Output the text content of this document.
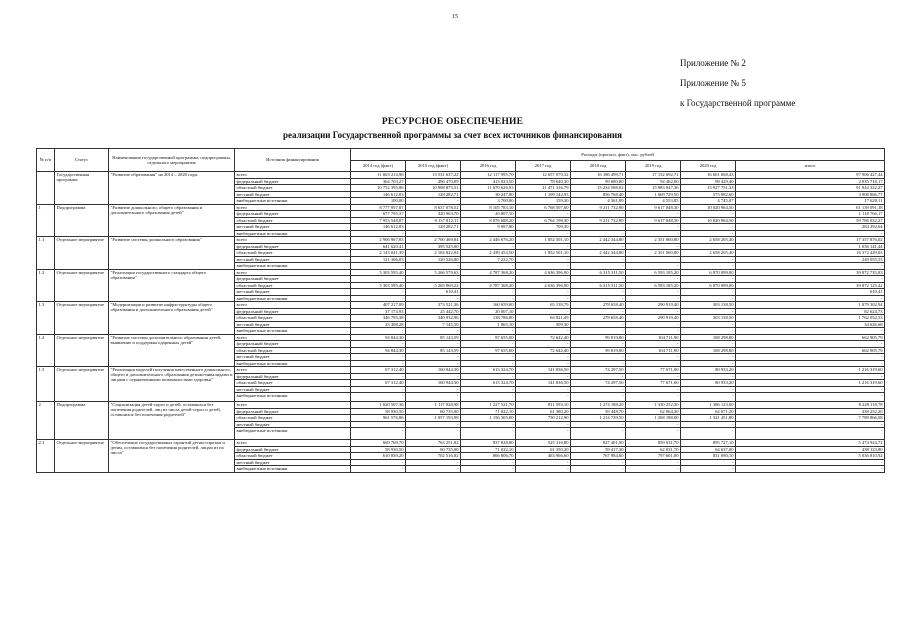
15
Приложение № 2
Приложение № 5
к Государственной программе
РЕСУРСНОЕ ОБЕСПЕЧЕНИЕ
реализации Государственной программы за счет всех источников финансирования
№ п/п	Статус	Наименование государственной программы, подпрограммы, отдельного мероприятия	Источник финансирования	Расходы (прогноз, факт), тыс. рублей							
				2014 год (факт)	2015 год (факт)	2016 год	2017 год	2018 год	2019 год	2020 год	итого
	Государственная программа	"Развитие образования" на 2014 – 2020 годы	всего	11 663 214,96	13 531 637,22	12 117 995,70	12 657 079,32	16 186 499,71	17 152 692,71	16 601 068,43	97 906 427,44
			федеральный бюджет	364 703,27	496 470,09	413 023,50	78 640,30	99 680,80	94 462,00	98 429,40	2 035 718,17
			областной бюджет	10 752 395,96	10 908 875,51	11 670 626,93	11 471 316,79	15 234 588,02	15 983 947,36	15 927 751,33	91 944 322,27
			местный бюджет	146 612,83	128 282,71	30 247,80	1 109 142,93	856 768,40	1 069 729,50	575 082,60	3 908 866,77
			внебюджетные источники	100,00	-	3 700,00	159,30	4 361,89	4 553,85	4 745,07	17 620,11
1	Подпрограмма	"Развитие дошкольного, общего образования и дополнительного образования детей"	всего	8 777 957,07	8 637 078,52	8 105 783,10	6 768 507,60	9 211 732,90	9 617 048,30	10 020 964,50	61 139 091,18
			федеральный бюджет	677 795,37	420 963,70	20 007,10	-	-	-	-	1 118 766,17
			областной бюджет	7 953 548,87	8 137 812,11	8 076 688,20	6 764 198,30	9 211 732,90	9 617 048,30	10 020 964,50	59 786 032,27
			местный бюджет	146 612,83	128 282,71	9 087,80	709,30	-	-	-	284 292,64
			внебюджетные источники	-	-	-	-	-	-	-	-
1.1	Отдельное мероприятие	"Развитие системы дошкольного образования"	всего	2 906 967,83	2 700 469,84	2 446 676,20	1 852 501,10	2 442 344,80	2 351 060,80	2 658 205,40	17 357 876,02
			федеральный бюджет	641 620,41	395 525,00	-	-	-	-	-	1 056 141,44
			областной бюджет	2 143 041,39	2 184 822,04	2 439 453,50	1 852 501,10	2 442 344,80	2 351 060,80	2 658 205,40	16 372 429,03
			местный бюджет	121 306,03	120 526,80	7 222,70	-	-	-	-	249 055,53
			внебюджетные источники	-	-	-	-	-	-	-	-
1.2	Отдельное мероприятие	"Реализация государственного стандарта общего образования"	всего	5 303 595,40	5 266 579,63	4 787 368,20	4 636 396,90	6 315 311,50	6 593 185,20	6 870 099,00	39 872 735,83
			федеральный бюджет	-	-	-	-	-	-	-	-
			областной бюджет	5 303 595,40	5 265 969,22	4 787 368,20	4 636 396,90	6 315 311,50	6 593 185,20	6 870 099,00	39 872 125,42
			местный бюджет	-	610,41	-	-	-	-	-	610,41
			внебюджетные источники	-	-	-	-	-	-	-	-
1.3	Отдельное мероприятие	"Модернизация и развитие инфраструктуры общего образования и дополнительного образования детей"	всего	407 217,09	373 521,36	160 659,00	65 139,79	278 658,40	290 919,40	303 138,50	1 879 302,94
			федеральный бюджет	37 174,93	25 442,70	20 007,10	-	-	-	-	82 624,73
			областной бюджет	346 795,38	340 932,96	138 786,80	64 821,49	278 658,40	290 919,40	303 138,50	1 762 052,53
			местный бюджет	23 308,28	7 145,50	1 865,10	509,30	-	-	-	34 626,68
			внебюджетные источники	-	-	-	-	-	-	-	-
1.4	Отдельное мероприятие	"Развитие системы дополнительного образования детей, выявление и поддержка одаренных детей"	всего	94 844,30	85 143,59	97 655,00	72 642,40	99 819,80	104 711,90	108 298,80	662 905,79
			федеральный бюджет	-	-	-	-	-	-	-	-
			областной бюджет	94 844,30	85 143,59	97 655,00	72 642,40	99 819,80	104 711,90	108 298,80	662 905,79
			местный бюджет	-	-	-	-	-	-	-	-
			внебюджетные источники	-	-	-	-	-	-	-	-
1.5	Отдельное мероприятие	"Реализация моделей получения качественного дошкольного, общего и дополнительного образования детьми-инвалидами и лицами с ограниченными возможностями здоровья"	всего	67 312,40	160 944,30	613 324,70	141 836,50	74 297,50	77 671,00	80 933,20	1 216 319,60
			федеральный бюджет	-	-	-	-	-	-	-	-
			областной бюджет	67 312,40	160 944,30	613 324,70	141 836,50	74 297,50	77 671,00	80 933,20	1 216 319,60
			местный бюджет	-	-	-	-	-	-	-	-
			внебюджетные источники	-	-	-	-	-	-	-	-
2	Подпрограмма	"Социализация детей-сирот и детей, оставшихся без попечения родителей, лиц из числа детей-сирот и детей, оставшихся без попечения родителей"	всего	1 020 507,36	1 117 928,98	1 227 521,70	811 593,10	1 274 188,20	1 330 252,30	1 386 123,00	8 228 118,78
			федеральный бюджет	58 930,50	60 735,00	71 022,10	61 380,20	59 448,70	62 064,30	64 671,20	438 252,20
			областной бюджет	961 576,86	1 057 193,98	1 156 305,00	750 212,90	1 214 739,50	1 268 188,00	1 321 451,80	7 789 866,58
			местный бюджет	-	-	-	-	-	-	-	-
			внебюджетные источники	-	-	-	-	-	-	-	-
2.1	Отдельное мероприятие	"Обеспечение государственных гарантий детям-сиротам и детям, оставшимся без попечения родителей, лицам из их числа"	всего	669 769,70	763 251,82	937 828,80	525 316,80	827 401,90	859 631,70	895 727,10	5 474 924,72
			федеральный бюджет	58 930,50	60 735,00	71 022,10	61 350,20	59 417,30	62 031,70	64 637,00	438 123,80
			областной бюджет	610 839,20	702 516,82	866 806,70	463 966,60	767 984,60	797 601,00	831 090,10	5 036 810,92
			местный бюджет	-	-	-	-	-	-	-	-
			внебюджетные источники	-	-	-	-	-	-	-	-
